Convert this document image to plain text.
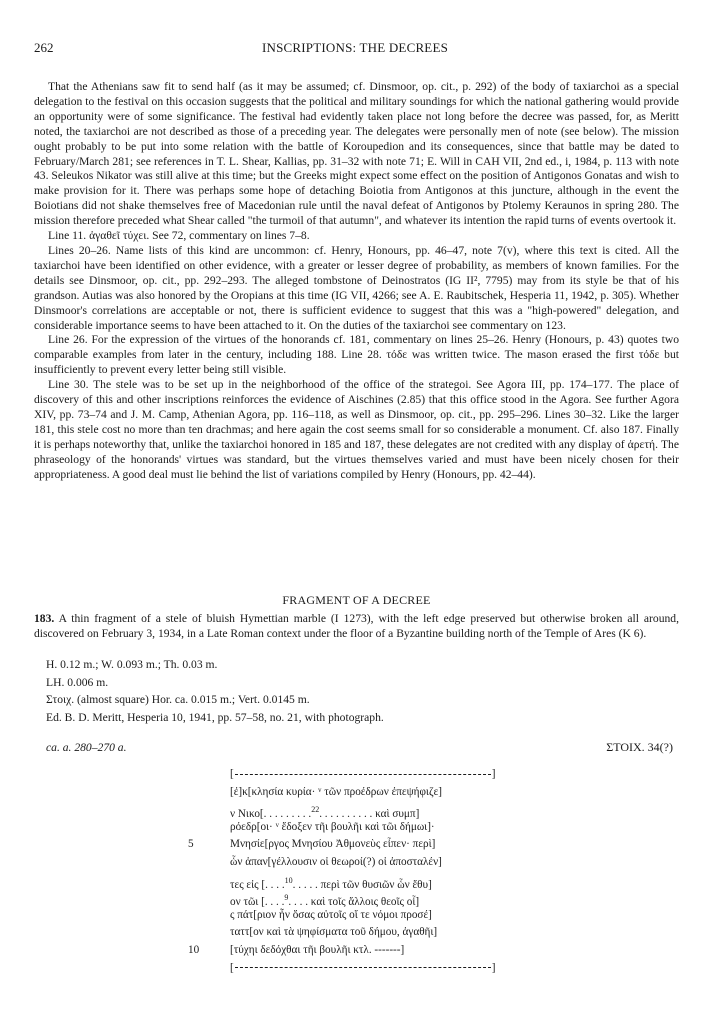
262	INSCRIPTIONS: THE DECREES

That the Athenians saw fit to send half (as it may be assumed; cf. Dinsmoor, op. cit., p. 292) of the body of taxiarchoi as a special delegation to the festival on this occasion suggests that the political and military soundings for which the national gathering would provide an opportunity were of some significance. The festival had evidently taken place not long before the decree was passed, for, as Meritt noted, the taxiarchoi are not described as those of a preceding year. The delegates were personally men of note (see below). The mission ought probably to be put into some relation with the battle of Koroupedion and its consequences, since that battle may be dated to February/March 281; see references in T. L. Shear, Kallias, pp. 31–32 with note 71; E. Will in CAH VII, 2nd ed., i, 1984, p. 113 with note 43. Seleukos Nikator was still alive at this time; but the Greeks might expect some effect on the position of Antigonos Gonatas and wish to make provision for it. There was perhaps some hope of detaching Boiotia from Antigonos at this juncture, although in the event the Boiotians did not shake themselves free of Macedonian rule until the naval defeat of Antigonos by Ptolemy Keraunos in spring 280. The mission therefore preceded what Shear called "the turmoil of that autumn", and whatever its intention the rapid turns of events overtook it.

Line 11. ἀγαθεῖ τύχει. See 72, commentary on lines 7–8.

Lines 20–26. Name lists of this kind are uncommon: cf. Henry, Honours, pp. 46–47, note 7(v), where this text is cited. All the taxiarchoi have been identified on other evidence, with a greater or lesser degree of probability, as members of known families. For the details see Dinsmoor, op. cit., pp. 292–293. The alleged tombstone of Deinostratos (IG II², 7795) may from its style be that of his grandson. Autias was also honored by the Oropians at this time (IG VII, 4266; see A. E. Raubitschek, Hesperia 11, 1942, p. 305). Whether Dinsmoor's correlations are acceptable or not, there is sufficient evidence to suggest that this was a "high-powered" delegation, and considerable importance seems to have been attached to it. On the duties of the taxiarchoi see commentary on 123.

Line 26. For the expression of the virtues of the honorands cf. 181, commentary on lines 25–26. Henry (Honours, p. 43) quotes two comparable examples from later in the century, including 188. Line 28. τόδε was written twice. The mason erased the first τόδε but insufficiently to prevent every letter being still visible.

Line 30. The stele was to be set up in the neighborhood of the office of the strategoi. See Agora III, pp. 174–177. The place of discovery of this and other inscriptions reinforces the evidence of Aischines (2.85) that this office stood in the Agora. See further Agora XIV, pp. 73–74 and J. M. Camp, Athenian Agora, pp. 116–118, as well as Dinsmoor, op. cit., pp. 295–296. Lines 30–32. Like the larger 181, this stele cost no more than ten drachmas; and here again the cost seems small for so considerable a monument. Cf. also 187. Finally it is perhaps noteworthy that, unlike the taxiarchoi honored in 185 and 187, these delegates are not credited with any display of ἀρετή. The phraseology of the honorands' virtues was standard, but the virtues themselves varied and must have been nicely chosen for their appropriateness. A good deal must lie behind the list of variations compiled by Henry (Honours, pp. 42–44).

FRAGMENT OF A DECREE
183. A thin fragment of a stele of bluish Hymettian marble (I 1273), with the left edge preserved but otherwise broken all around, discovered on February 3, 1934, in a Late Roman context under the floor of a Byzantine building north of the Temple of Ares (K 6).
H. 0.12 m.; W. 0.093 m.; Th. 0.03 m.
LH. 0.006 m.
Στοιχ. (almost square) Hor. ca. 0.015 m.; Vert. 0.0145 m.
Ed. B. D. Meritt, Hesperia 10, 1941, pp. 57–58, no. 21, with photograph.
ca. a. 280–270 a.	ΣΤΟΙΧ. 34(?)
[	]
[ἐ]κ[κλησία κυρία· ᵛ τῶν προέδρων ἐπεψήφιζε]
ν Νικο[. . . . . . . . .$^{22}$. . . . . . . . . . καὶ συμπ]
ρόεδρ[οι· ᵛ ἔδοξεν τῆι βουλῆι καὶ τῶι δήμωι]·
5	Μνησίε[ργος Μνησίου Ἀθμονεὺς εἶπεν· περὶ]
ὧν ἀπαν[γέλλουσιν οἱ θεωροί(?) οἱ ἀποσταλέν]
τες εἰς [. . . .$^{10}$. . . . . περὶ τῶν θυσιῶν ὧν ἔθυ]
ον τῶι [. . . .$^9$. . . . καὶ τοῖς ἄλλοις θεοῖς οἷ]
ς πάτ[ριον ἦν ὅσας αὐτοῖς οἵ τε νόμοι προσέ]
ταττ[ον καὶ τὰ ψηφίσματα τοῦ δήμου, ἀγαθῆι]
10	[τύχηι δεδόχθαι τῆι βουλῆι κτλ. -------]
[	]
